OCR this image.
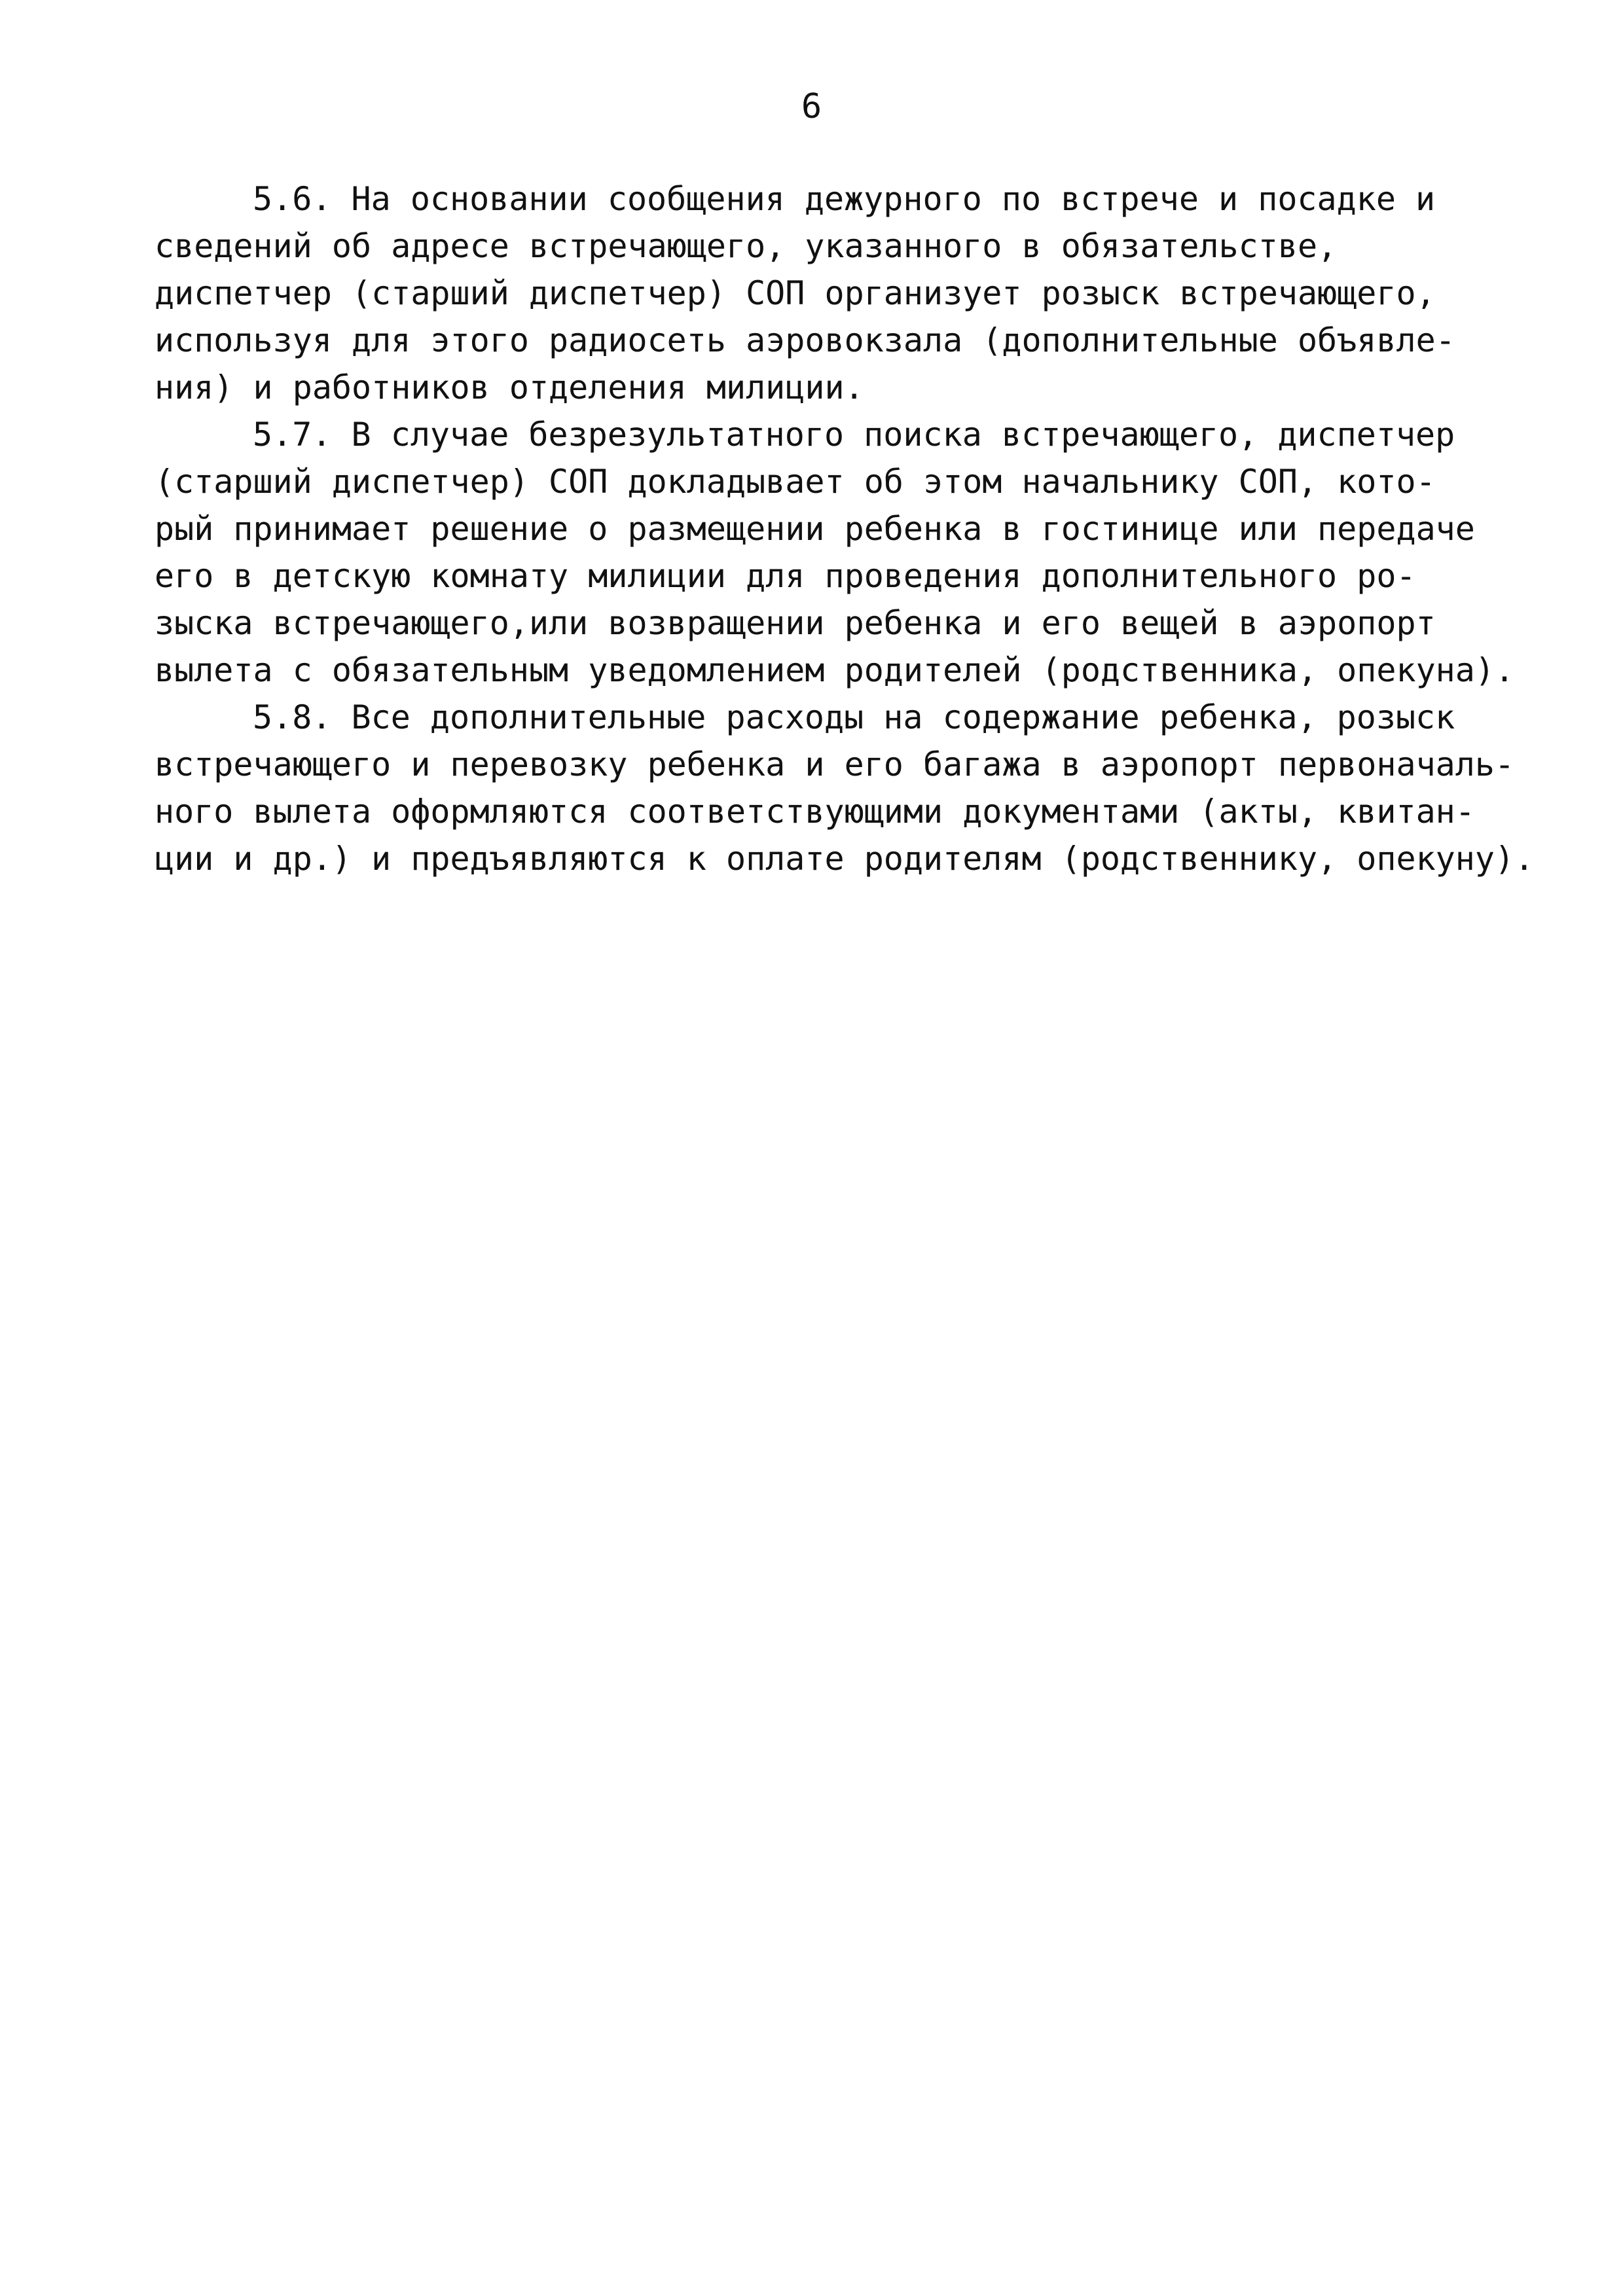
6
5.6. На основании сообщения дежурного по встрече и посадке и
сведений об адресе встречающего, указанного в обязательстве,
диспетчер (старший диспетчер) СОП организует розыск встречающего,
используя для этого радиосеть аэровокзала (дополнительные объявле-
ния) и работников отделения милиции.
5.7. В случае безрезультатного поиска встречающего, диспетчер
(старший диспетчер) СОП докладывает об этом начальнику СОП, кото-
рый принимает решение о размещении ребенка в гостинице или передаче
его в детскую комнату милиции для проведения дополнительного ро-
зыска встречающего,или возвращении ребенка и его вещей в аэропорт
вылета с обязательным уведомлением родителей (родственника, опекуна).
5.8. Все дополнительные расходы на содержание ребенка, розыск
встречающего и перевозку ребенка и его багажа в аэропорт первоначаль-
ного вылета оформляются соответствующими документами (акты, квитан-
ции и др.) и предъявляются к оплате родителям (родственнику, опекуну).
